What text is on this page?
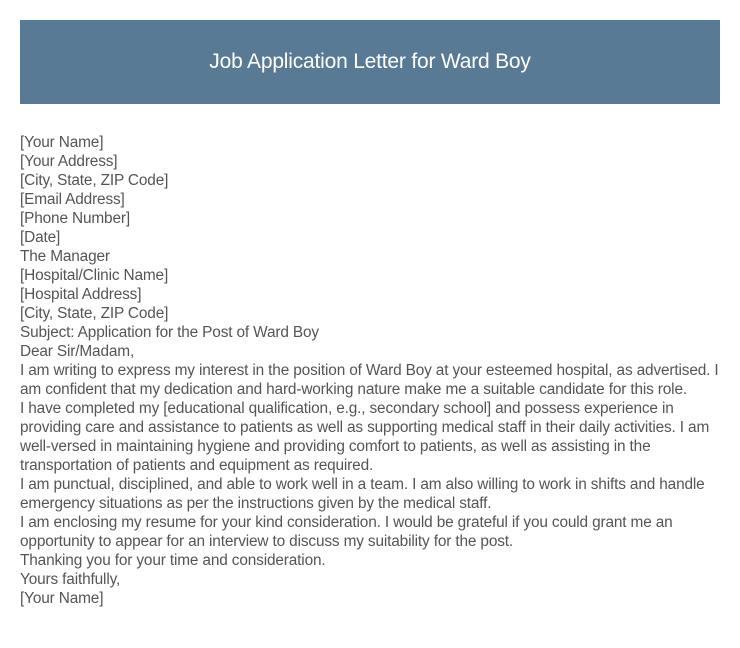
Job Application Letter for Ward Boy
[Your Name]
[Your Address]
[City, State, ZIP Code]
[Email Address]
[Phone Number]
[Date]
The Manager
[Hospital/Clinic Name]
[Hospital Address]
[City, State, ZIP Code]
Subject: Application for the Post of Ward Boy
Dear Sir/Madam,
I am writing to express my interest in the position of Ward Boy at your esteemed hospital, as advertised. I am confident that my dedication and hard-working nature make me a suitable candidate for this role.
I have completed my [educational qualification, e.g., secondary school] and possess experience in providing care and assistance to patients as well as supporting medical staff in their daily activities. I am well-versed in maintaining hygiene and providing comfort to patients, as well as assisting in the transportation of patients and equipment as required.
I am punctual, disciplined, and able to work well in a team. I am also willing to work in shifts and handle emergency situations as per the instructions given by the medical staff.
I am enclosing my resume for your kind consideration. I would be grateful if you could grant me an opportunity to appear for an interview to discuss my suitability for the post.
Thanking you for your time and consideration.
Yours faithfully,
[Your Name]
